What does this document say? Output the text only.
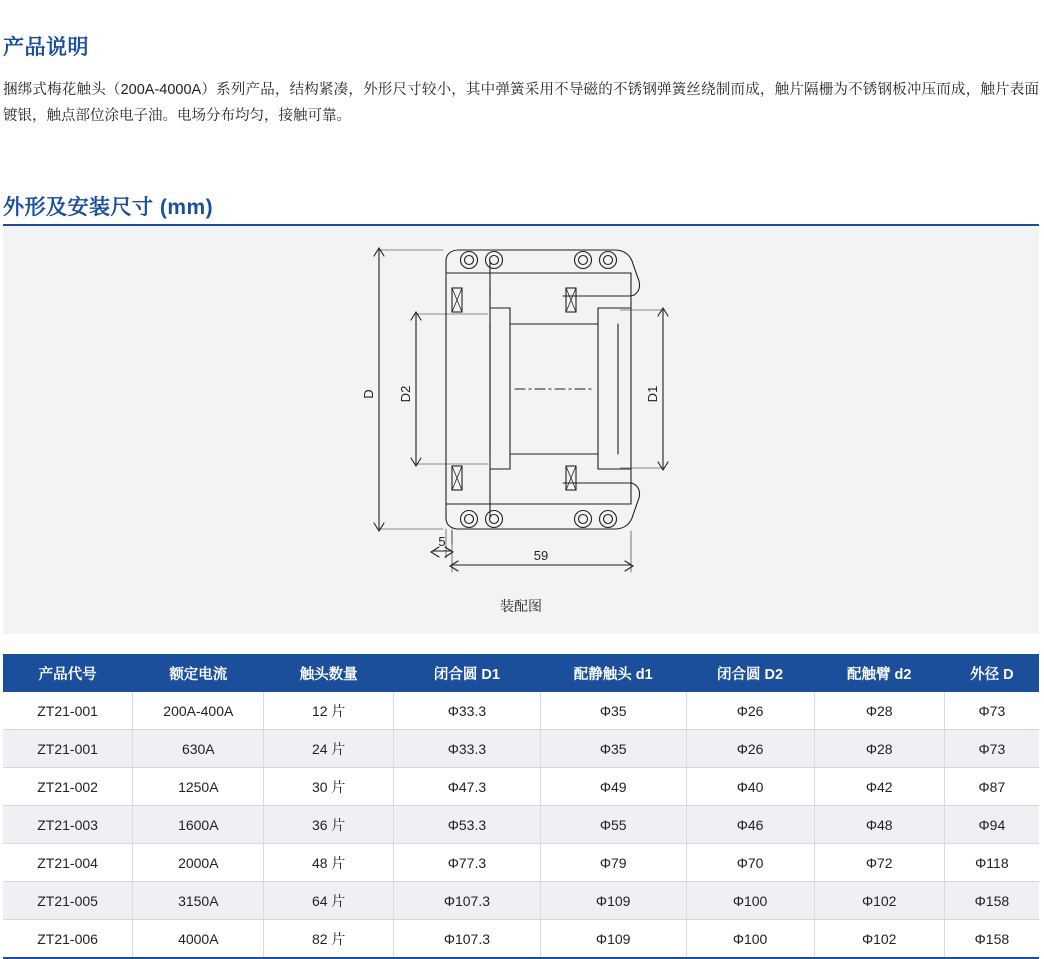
产品说明

捆绑式梅花触头（200A-4000A）系列产品，结构紧凑，外形尺寸较小，其中弹簧采用不导磁的不锈钢弹簧丝绕制而成，触片隔栅为不锈钢板冲压而成，触片表面镀银，触点部位涂电子油。电场分布均匀，接触可靠。

外形及安装尺寸 (mm)
D D2	D1
5
59
装配图
产品代号	额定电流	触头数量	闭合圆 D1	配静触头 d1	闭合圆 D2	配触臂 d2	外径 D
ZT21-001	200A-400A	12 片	Φ33.3	Φ35	Φ26	Φ28	Φ73
ZT21-001	630A	24 片	Φ33.3	Φ35	Φ26	Φ28	Φ73
ZT21-002	1250A	30 片	Φ47.3	Φ49	Φ40	Φ42	Φ87
ZT21-003	1600A	36 片	Φ53.3	Φ55	Φ46	Φ48	Φ94
ZT21-004	2000A	48 片	Φ77.3	Φ79	Φ70	Φ72	Φ118
ZT21-005	3150A	64 片	Φ107.3	Φ109	Φ100	Φ102	Φ158
ZT21-006	4000A	82 片	Φ107.3	Φ109	Φ100	Φ102	Φ158
